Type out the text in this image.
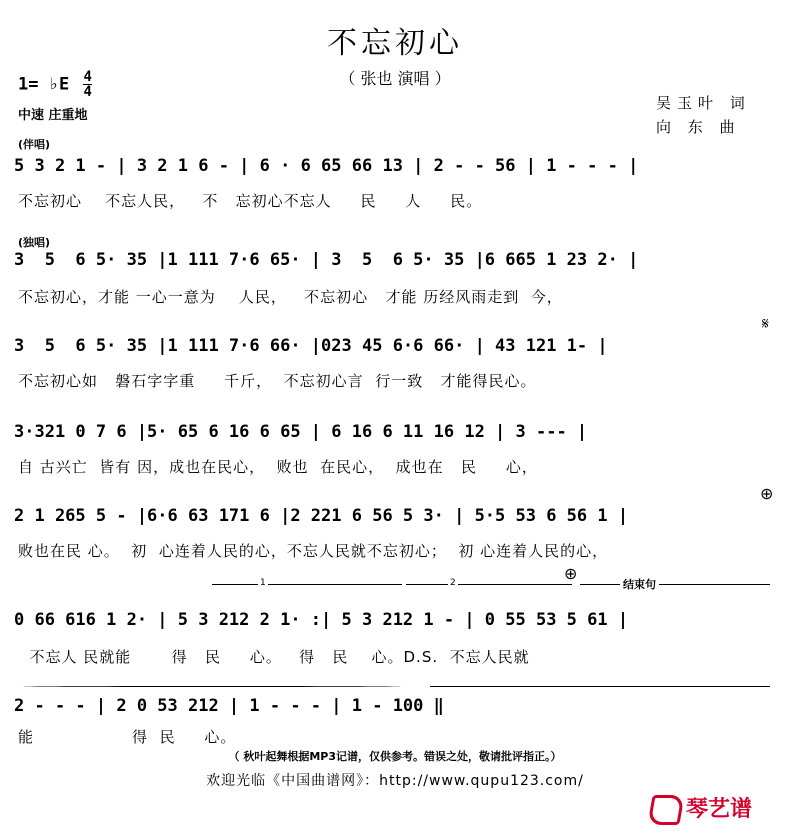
不忘初心
（ 张也 演唱 ）
1= ♭E $\frac{4}{4}$
中速 庄重地
吴玉叶 词
向 东 曲
(伴唱)
(独唱)
5 3 2 1 - | 3 2 1 6 - | 6 · 6 65 66 13 | 2 - - 56 | 1 - - - |
不忘初心    不忘人民，   不   忘初心不忘人     民     人     民。
3  5  6 5· 35 |1 111 7·6 65· | 3  5  6 5· 35 |6 665 1 23 2· |
不忘初心，才能 一心一意为    人民，   不忘初心   才能 历经风雨走到  今，
𝄋
3  5  6 5· 35 |1 111 7·6 66· |023 45 6·6 66· | 43 121 1- |
不忘初心如   磐石字字重     千斤，  不忘初心言  行一致   才能得民心。
3·321 0 7 6 |5· 65 6 16 6 65 | 6 16 6 11 16 12 | 3 --- |
自 古兴亡  皆有 因，成也在民心，  败也  在民心，  成也在   民     心，
⊕
2 1 265 5 - |6·6 63 171 6 |2 221 6 56 5 3· | 5·5 53 6 56 1 |
败也在民 心。  初  心连着人民的心，不忘人民就不忘初心；  初 心连着人民的心，
1	2	⊕
结束句
0 66 616 1 2· | 5 3 212 2 1· :| 5 3 212 1 - | 0 55 53 5 61 |
不忘人 民就能       得   民     心。   得   民    心。D.S.  不忘人民就
2 - - - | 2 0 53 212 | 1 - - - | 1 - 100 ‖
能                 得  民     心。
（ 秋叶起舞根据MP3记谱，仅供参考。错误之处，敬请批评指正。）
欢迎光临《中国曲谱网》：http://www.qupu123.com/
琴艺谱
